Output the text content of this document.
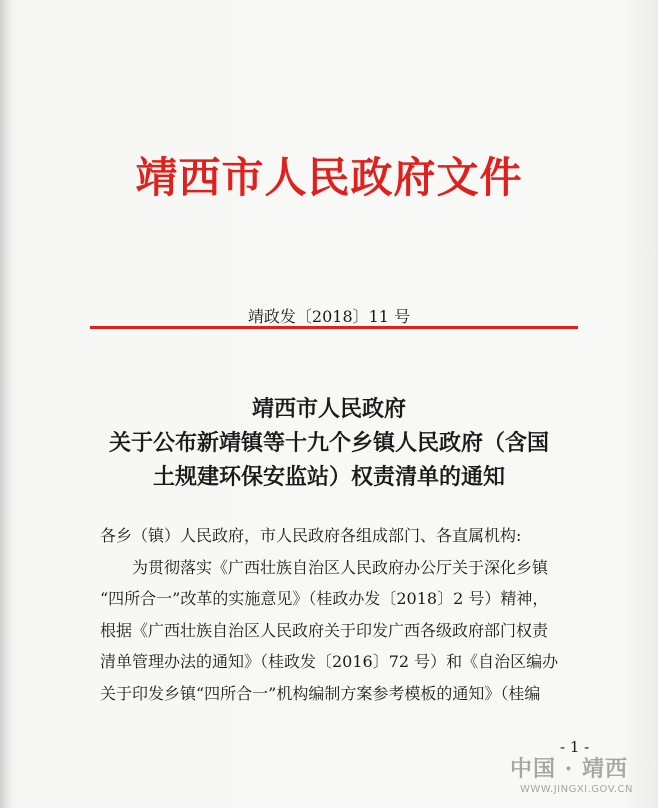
靖西市人民政府文件
靖政发〔2018〕11 号
靖西市人民政府
关于公布新靖镇等十九个乡镇人民政府（含国
土规建环保安监站）权责清单的通知
各乡（镇）人民政府，市人民政府各组成部门、各直属机构:
为贯彻落实《广西壮族自治区人民政府办公厅关于深化乡镇
“四所合一”改革的实施意见》（桂政办发〔2018〕2 号）精神，
根据《广西壮族自治区人民政府关于印发广西各级政府部门权责
清单管理办法的通知》（桂政发〔2016〕72 号）和《自治区编办
关于印发乡镇“四所合一”机构编制方案参考模板的通知》（桂编
- 1 -
中国 · 靖西
WWW.JINGXI.GOV.CN
